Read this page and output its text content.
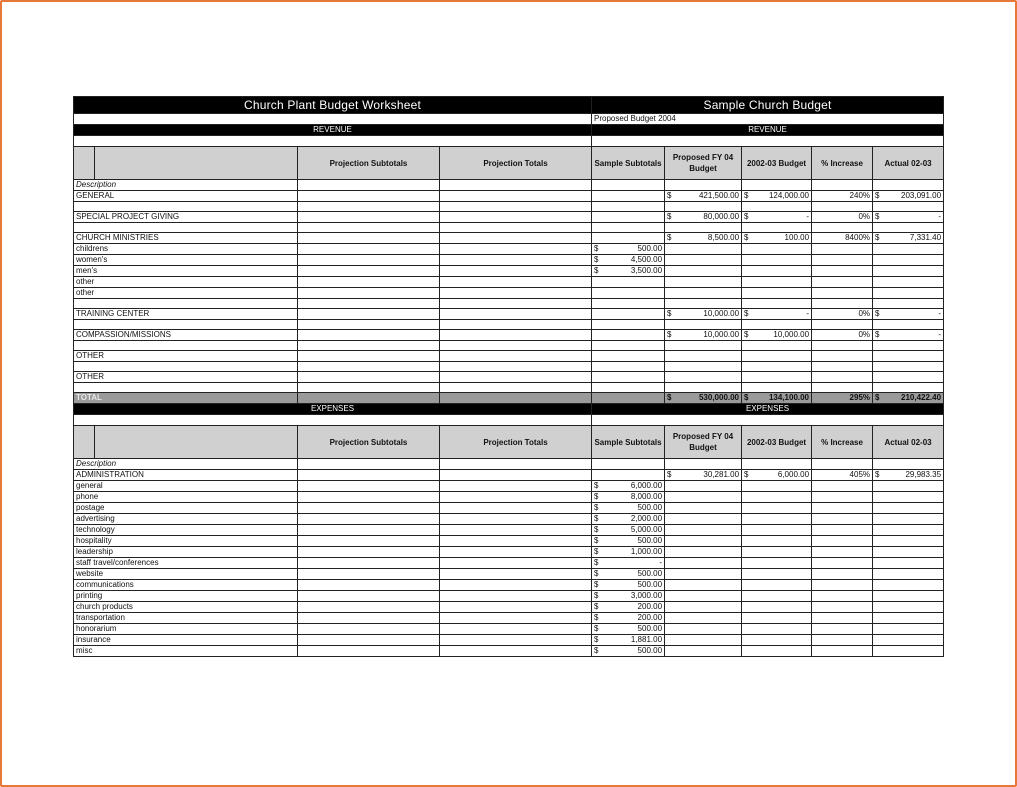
Church Plant Budget Worksheet				Sample Church Budget				
				Proposed Budget 2004				
REVENUE				REVENUE				

		Projection Subtotals	Projection Totals	Sample Subtotals	Proposed FY 04 Budget	2002-03 Budget	% Increase	Actual 02-03
Description								
GENERAL					$ 421,500.00	$ 124,000.00	240%	$ 203,091.00

SPECIAL PROJECT GIVING					$ 80,000.00	$ -	0%	$ -

CHURCH MINISTRIES					$ 8,500.00	$ 100.00	8400%	$ 7,331.40

childrens				$ 500.00				

women's				$ 4,500.00				

men's				$ 3,500.00				

other								
other								

TRAINING CENTER					$ 10,000.00	$ -	0%	$ -

COMPASSION/MISSIONS					$ 10,000.00	$ 10,000.00	0%	$ -

OTHER								

OTHER								

TOTAL					$ 530,000.00	$ 134,100.00	295%	$ 210,422.40

EXPENSES				EXPENSES				

		Projection Subtotals	Projection Totals	Sample Subtotals	Proposed FY 04 Budget	2002-03 Budget	% Increase	Actual 02-03
Description								
ADMINISTRATION					$ 30,281.00	$ 6,000.00	405%	$ 29,983.35

general				$ 6,000.00				

phone				$ 8,000.00				

postage				$ 500.00				

advertising				$ 2,000.00				

technology				$ 5,000.00				

hospitality				$ 500.00				

leadership				$ 1,000.00				

staff travel/conferences				$ -				

website				$ 500.00				

communications				$ 500.00				

printing				$ 3,000.00				

church products				$ 200.00				

transportation				$ 200.00				

honorarium				$ 500.00				

insurance				$ 1,881.00				

misc				$ 500.00				
